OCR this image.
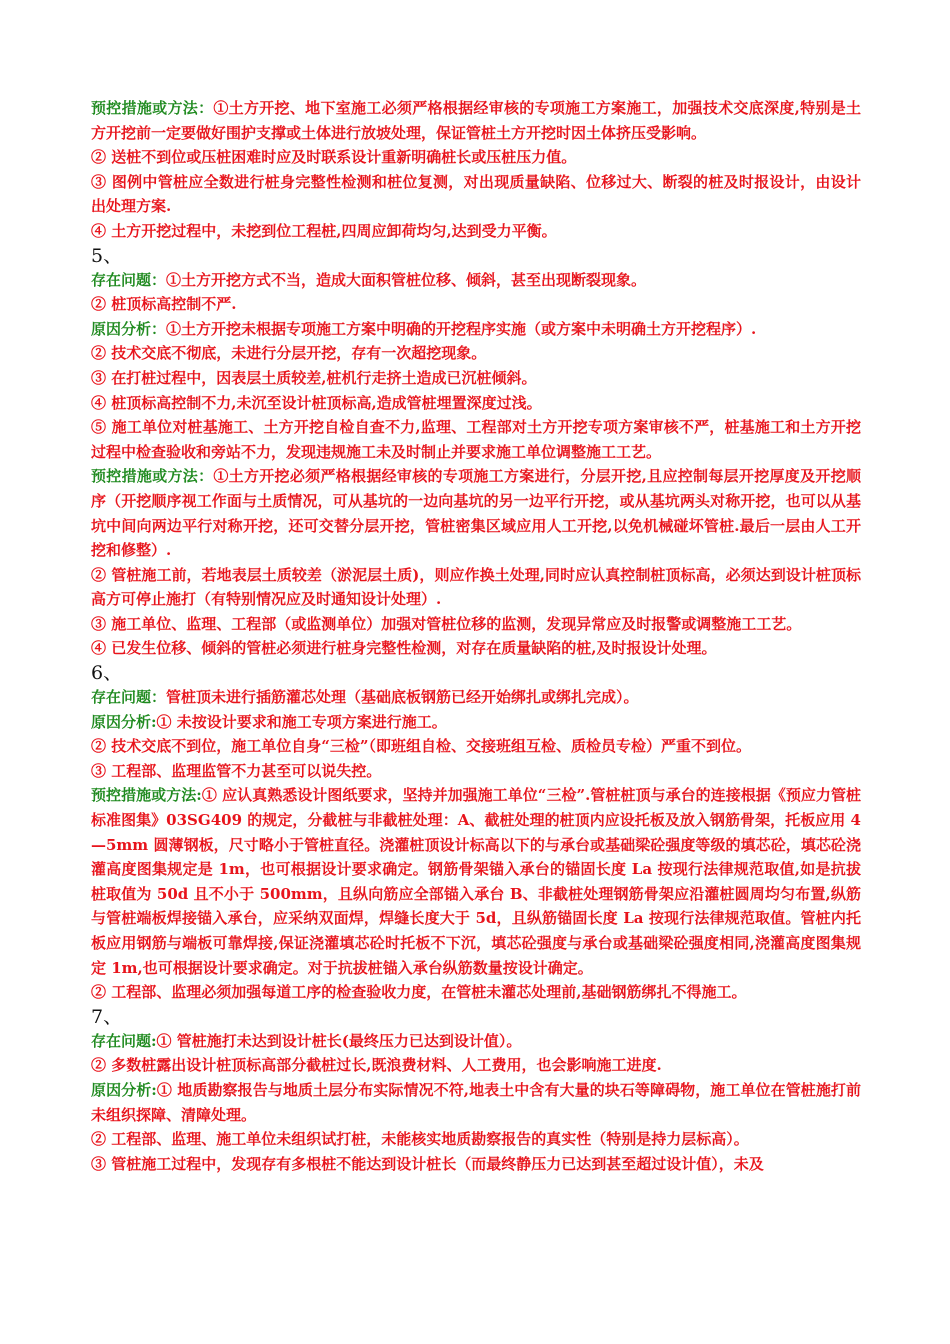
预控措施或方法：①土方开挖、地下室施工必须严格根据经审核的专项施工方案施工，加强技术交底深度,特别是土方开挖前一定要做好围护支撑或土体进行放坡处理，保证管桩土方开挖时因土体挤压受影响。

② 送桩不到位或压桩困难时应及时联系设计重新明确桩长或压桩压力值。

③ 图例中管桩应全数进行桩身完整性检测和桩位复测，对出现质量缺陷、位移过大、断裂的桩及时报设计，由设计出处理方案.

④ 土方开挖过程中，未挖到位工程桩,四周应卸荷均匀,达到受力平衡。

5、

存在问题：①土方开挖方式不当，造成大面积管桩位移、倾斜，甚至出现断裂现象。

② 桩顶标高控制不严.

原因分析：①土方开挖未根据专项施工方案中明确的开挖程序实施（或方案中未明确土方开挖程序）.

② 技术交底不彻底，未进行分层开挖，存有一次超挖现象。

③ 在打桩过程中，因表层土质较差,桩机行走挤土造成已沉桩倾斜。

④ 桩顶标高控制不力,未沉至设计桩顶标高,造成管桩埋置深度过浅。

⑤ 施工单位对桩基施工、土方开挖自检自查不力,监理、工程部对土方开挖专项方案审核不严，桩基施工和土方开挖过程中检查验收和旁站不力，发现违规施工未及时制止并要求施工单位调整施工工艺。

预控措施或方法：①土方开挖必须严格根据经审核的专项施工方案进行，分层开挖,且应控制每层开挖厚度及开挖顺序（开挖顺序视工作面与土质情况，可从基坑的一边向基坑的另一边平行开挖，或从基坑两头对称开挖，也可以从基坑中间向两边平行对称开挖，还可交替分层开挖，管桩密集区域应用人工开挖,以免机械碰坏管桩.最后一层由人工开挖和修整）.

② 管桩施工前，若地表层土质较差（淤泥层土质)，则应作换土处理,同时应认真控制桩顶标高，必须达到设计桩顶标高方可停止施打（有特别情况应及时通知设计处理）.

③ 施工单位、监理、工程部（或监测单位）加强对管桩位移的监测，发现异常应及时报警或调整施工工艺。

④ 已发生位移、倾斜的管桩必须进行桩身完整性检测，对存在质量缺陷的桩,及时报设计处理。

6、

存在问题：管桩顶未进行插筋灌芯处理（基础底板钢筋已经开始绑扎或绑扎完成）。

原因分析:① 未按设计要求和施工专项方案进行施工。

② 技术交底不到位，施工单位自身“三检”（即班组自检、交接班组互检、质检员专检）严重不到位。

③ 工程部、监理监管不力甚至可以说失控。

预控措施或方法:① 应认真熟悉设计图纸要求，坚持并加强施工单位“三检”.管桩桩顶与承台的连接根据《预应力管桩标准图集》03SG409 的规定，分截桩与非截桩处理：A、截桩处理的桩顶内应设托板及放入钢筋骨架，托板应用 4—5mm 圆薄钢板，尺寸略小于管桩直径。浇灌桩顶设计标高以下的与承台或基础梁砼强度等级的填芯砼，填芯砼浇灌高度图集规定是 1m，也可根据设计要求确定。钢筋骨架锚入承台的锚固长度 La 按现行法律规范取值,如是抗拔桩取值为 50d 且不小于 500mm，且纵向筋应全部锚入承台 B、非截桩处理钢筋骨架应沿灌桩圆周均匀布置,纵筋与管桩端板焊接锚入承台，应采纳双面焊，焊缝长度大于 5d，且纵筋锚固长度 La 按现行法律规范取值。管桩内托板应用钢筋与端板可靠焊接,保证浇灌填芯砼时托板不下沉，填芯砼强度与承台或基础梁砼强度相同,浇灌高度图集规定 1m,也可根据设计要求确定。对于抗拔桩锚入承台纵筋数量按设计确定。

② 工程部、监理必须加强每道工序的检查验收力度，在管桩未灌芯处理前,基础钢筋绑扎不得施工。

7、

存在问题:① 管桩施打未达到设计桩长(最终压力已达到设计值）。

② 多数桩露出设计桩顶标高部分截桩过长,既浪费材料、人工费用，也会影响施工进度.

原因分析:① 地质勘察报告与地质土层分布实际情况不符,地表土中含有大量的块石等障碍物，施工单位在管桩施打前未组织探障、清障处理。

② 工程部、监理、施工单位未组织试打桩，未能核实地质勘察报告的真实性（特别是持力层标高）。

③ 管桩施工过程中，发现存有多根桩不能达到设计桩长（而最终静压力已达到甚至超过设计值），未及
